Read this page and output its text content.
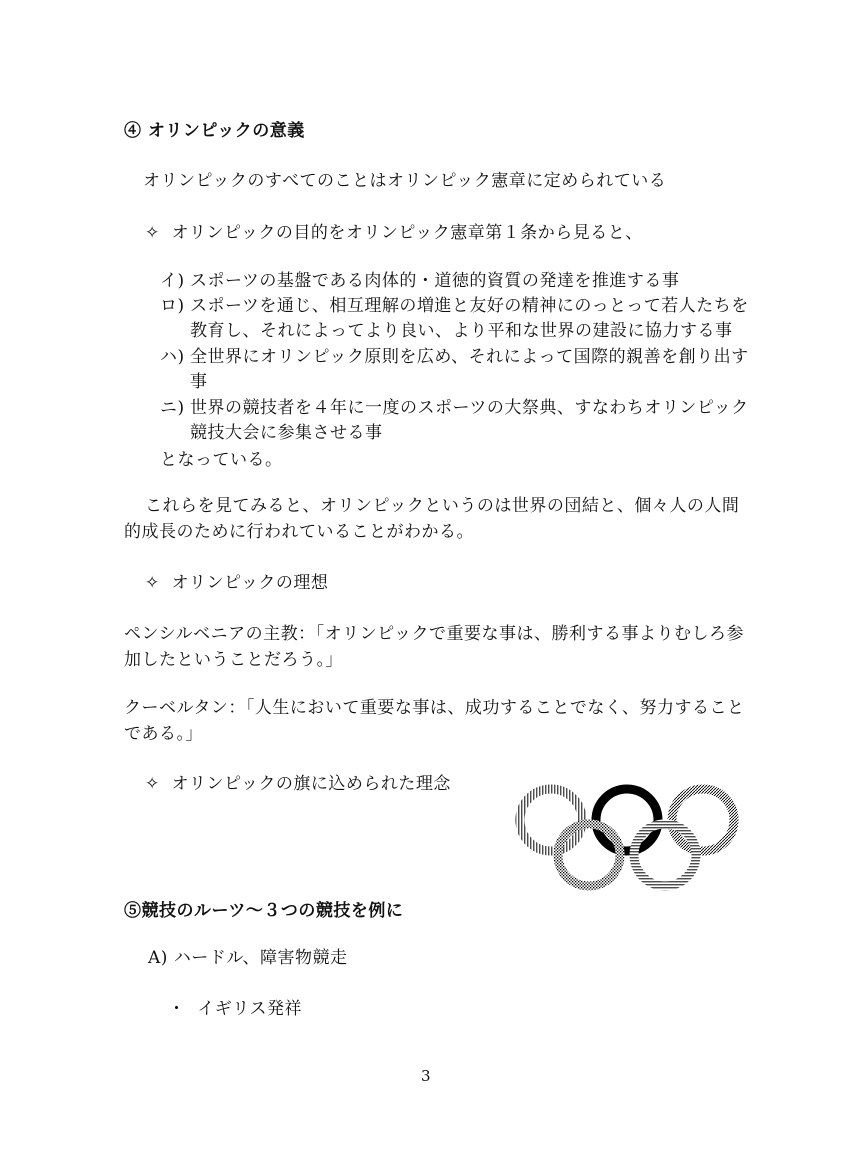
④ オリンピックの意義
オリンピックのすべてのことはオリンピック憲章に定められている
✧ オリンピックの目的をオリンピック憲章第１条から見ると、
イ) スポーツの基盤である肉体的・道徳的資質の発達を推進する事
ロ) スポーツを通じ、相互理解の増進と友好の精神にのっとって若人たちを
教育し、それによってより良い、より平和な世界の建設に協力する事
ハ) 全世界にオリンピック原則を広め、それによって国際的親善を創り出す
事
ニ) 世界の競技者を４年に一度のスポーツの大祭典、すなわちオリンピック
競技大会に参集させる事
となっている。
これらを見てみると、オリンピックというのは世界の団結と、個々人の人間
的成長のために行われていることがわかる。
✧ オリンピックの理想
ペンシルベニアの主教：「オリンピックで重要な事は、勝利する事よりむしろ参
加したということだろう。」
クーベルタン：「人生において重要な事は、成功することでなく、努力すること
である。」
✧ オリンピックの旗に込められた理念
⑤競技のルーツ～３つの競技を例に
A) ハードル、障害物競走
・ イギリス発祥
3
